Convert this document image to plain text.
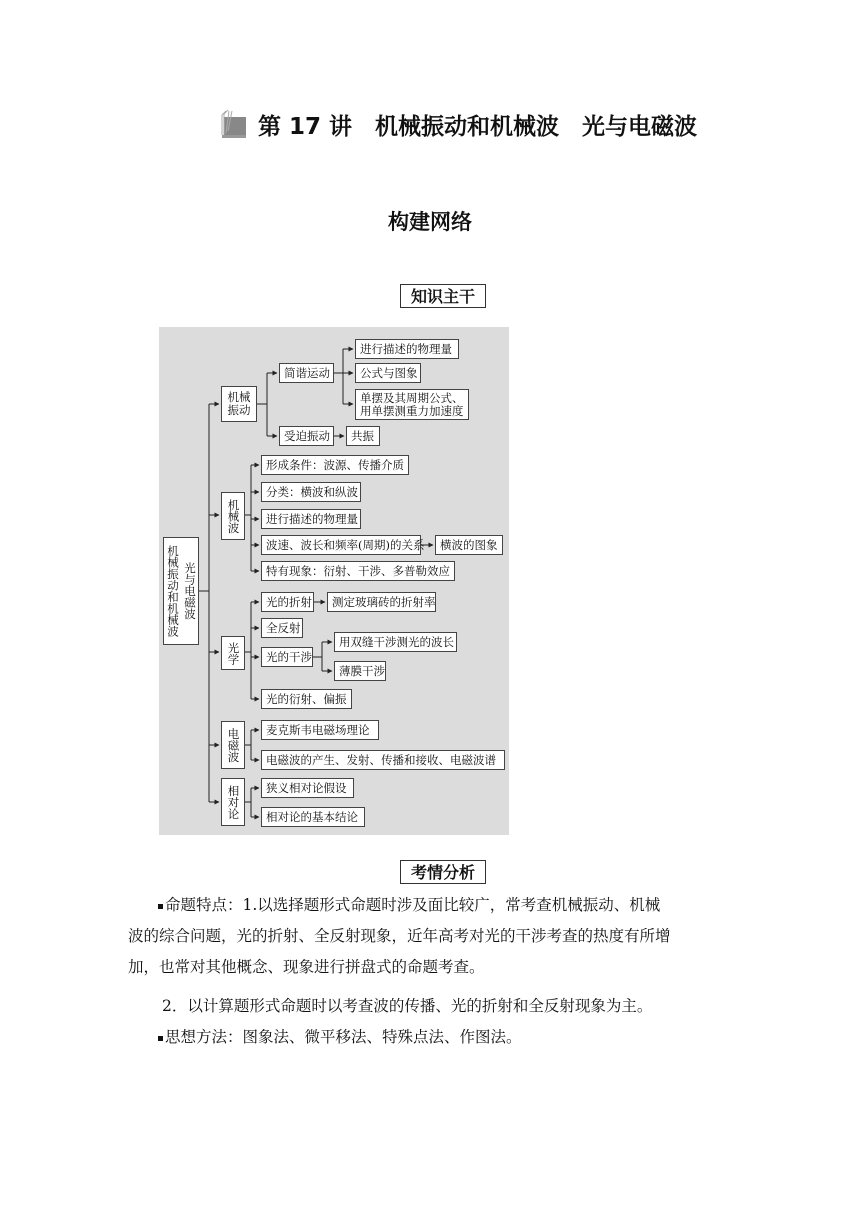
第 17 讲　机械振动和机械波　光与电磁波
构建网络
知识主干
光与电磁波
机械振动和机械波
机械振动
机械波
光学
电磁波
相对论
简谐运动
进行描述的物理量
公式与图象
单摆及其周期公式、
用单摆测重力加速度
受迫振动	共振
形成条件：波源、传播介质
分类：横波和纵波
进行描述的物理量
波速、波长和频率(周期)的关系	横波的图象
特有现象：衍射、干涉、多普勒效应
光的折射	测定玻璃砖的折射率
全反射
光的干涉
用双缝干涉测光的波长
薄膜干涉
光的衍射、偏振
麦克斯韦电磁场理论
电磁波的产生、发射、传播和接收、电磁波谱
狭义相对论假设
相对论的基本结论
考情分析
命题特点：1.以选择题形式命题时涉及面比较广，常考查机械振动、机械
波的综合问题，光的折射、全反射现象，近年高考对光的干涉考查的热度有所增
加，也常对其他概念、现象进行拼盘式的命题考查。
2．以计算题形式命题时以考查波的传播、光的折射和全反射现象为主。
思想方法：图象法、微平移法、特殊点法、作图法。
